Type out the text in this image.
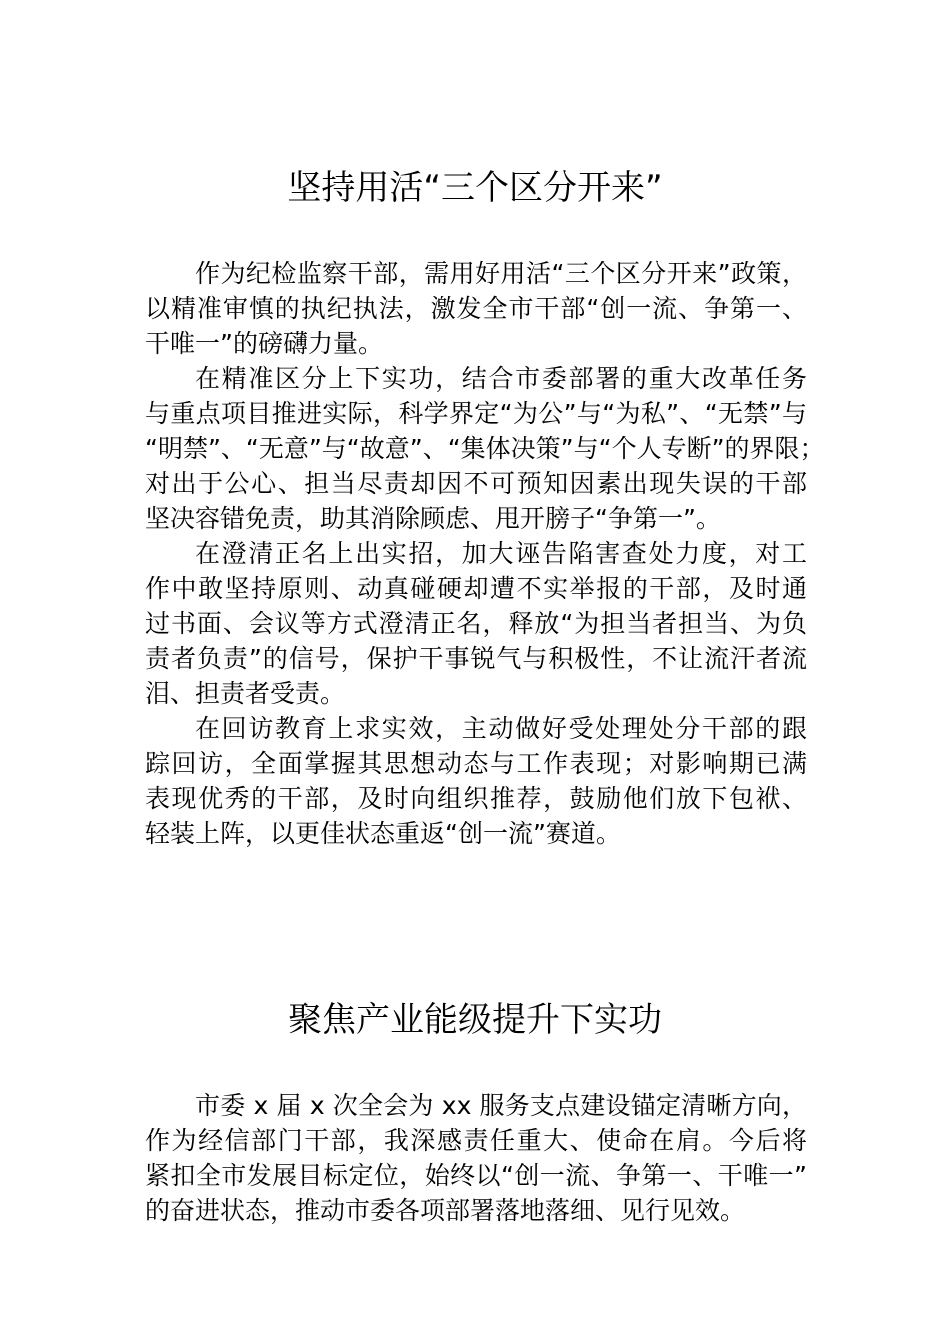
坚持用活“三个区分开来”
作为纪检监察干部，需用好用活“三个区分开来”政策，
以精准审慎的执纪执法，激发全市干部“创一流、争第一、
干唯一”的磅礴力量。
在精准区分上下实功，结合市委部署的重大改革任务
与重点项目推进实际，科学界定“为公”与“为私”、“无禁”与
“明禁”、“无意”与“故意”、“集体决策”与“个人专断”的界限；
对出于公心、担当尽责却因不可预知因素出现失误的干部
坚决容错免责，助其消除顾虑、甩开膀子“争第一”。
在澄清正名上出实招，加大诬告陷害查处力度，对工
作中敢坚持原则、动真碰硬却遭不实举报的干部，及时通
过书面、会议等方式澄清正名，释放“为担当者担当、为负
责者负责”的信号，保护干事锐气与积极性，不让流汗者流
泪、担责者受责。
在回访教育上求实效，主动做好受处理处分干部的跟
踪回访，全面掌握其思想动态与工作表现；对影响期已满
表现优秀的干部，及时向组织推荐，鼓励他们放下包袱、
轻装上阵，以更佳状态重返“创一流”赛道。
聚焦产业能级提升下实功
市委 x 届 x 次全会为 xx 服务支点建设锚定清晰方向，
作为经信部门干部，我深感责任重大、使命在肩。今后将
紧扣全市发展目标定位，始终以“创一流、争第一、干唯一”
的奋进状态，推动市委各项部署落地落细、见行见效。
